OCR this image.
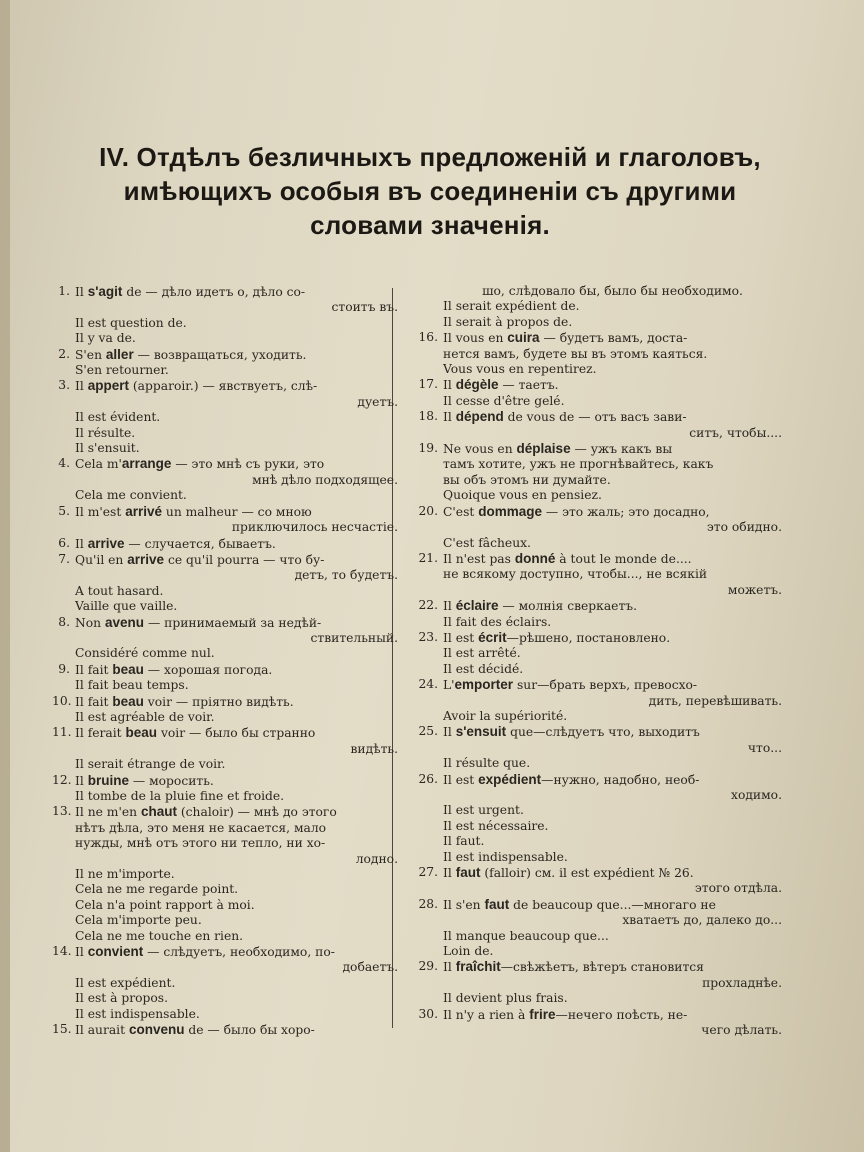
IV. Отдѣлъ безличныхъ предложеній и глаголовъ,
имѣющихъ особыя въ соединеніи съ другими
словами значенія.
1. Il s'agit de — дѣло идетъ о, дѣло со-
стоитъ въ.
Il est question de.
Il y va de.
2. S'en aller — возвращаться, уходить.
S'en retourner.
3. Il appert (apparoir.) — явствуетъ, слѣ-
дуетъ.
Il est évident.
Il résulte.
Il s'ensuit.
4. Cela m'arrange — это мнѣ съ руки, это
мнѣ дѣло подходящее.
Cela me convient.
5. Il m'est arrivé un malheur — со мною
приключилось несчастіе.
6. Il arrive — случается, бываетъ.
7. Qu'il en arrive ce qu'il pourra — что бу-
детъ, то будетъ.
A tout hasard.
Vaille que vaille.
8. Non avenu — принимаемый за недѣй-
ствительный.
Considéré comme nul.
9. Il fait beau — хорошая погода.
Il fait beau temps.
10. Il fait beau voir — пріятно видѣть.
Il est agréable de voir.
11. Il ferait beau voir — было бы странно
видѣть.
Il serait étrange de voir.
12. Il bruine — моросить.
Il tombe de la pluie fine et froide.
13. Il ne m'en chaut (chaloir) — мнѣ до этого
нѣтъ дѣла, это меня не касается, мало
нужды, мнѣ отъ этого ни тепло, ни хо-
лодно.
Il ne m'importe.
Cela ne me regarde point.
Cela n'a point rapport à moi.
Cela m'importe peu.
Cela ne me touche en rien.
14. Il convient — слѣдуетъ, необходимо, по-
добаетъ.
Il est expédient.
Il est à propos.
Il est indispensable.
15. Il aurait convenu de — было бы хоро-
шо, слѣдовало бы, было бы необходимо.
Il serait expédient de.
Il serait à propos de.
16. Il vous en cuira — будетъ вамъ, доста-
нется вамъ, будете вы въ этомъ каяться.
Vous vous en repentirez.
17. Il dégèle — таетъ.
Il cesse d'être gelé.
18. Il dépend de vous de — отъ васъ зави-
ситъ, чтобы....
19. Ne vous en déplaise — ужъ какъ вы
тамъ хотите, ужъ не прогнѣвайтесь, какъ
вы объ этомъ ни думайте.
Quoique vous en pensiez.
20. C'est dommage — это жаль; это досадно,
это обидно.
C'est fâcheux.
21. Il n'est pas donné à tout le monde de....
не всякому доступно, чтобы..., не всякій
можетъ.
22. Il éclaire — молнія сверкаетъ.
Il fait des éclairs.
23. Il est écrit—рѣшено, постановлено.
Il est arrêté.
Il est décidé.
24. L'emporter sur—брать верхъ, превосхо-
дить, перевѣшивать.
Avoir la supériorité.
25. Il s'ensuit que—слѣдуетъ что, выходитъ
что...
Il résulte que.
26. Il est expédient—нужно, надобно, необ-
ходимо.
Il est urgent.
Il est nécessaire.
Il faut.
Il est indispensable.
27. Il faut (falloir) см. il est expédient № 26.
этого отдѣла.
28. Il s'en faut de beaucoup que...—многаго не
хватаетъ до, далеко до...
Il manque beaucoup que...
Loin de.
29. Il fraîchit—свѣжѣетъ, вѣтеръ становится
прохладнѣе.
Il devient plus frais.
30. Il n'y a rien à frire—нечего поѣсть, не-
чего дѣлать.
